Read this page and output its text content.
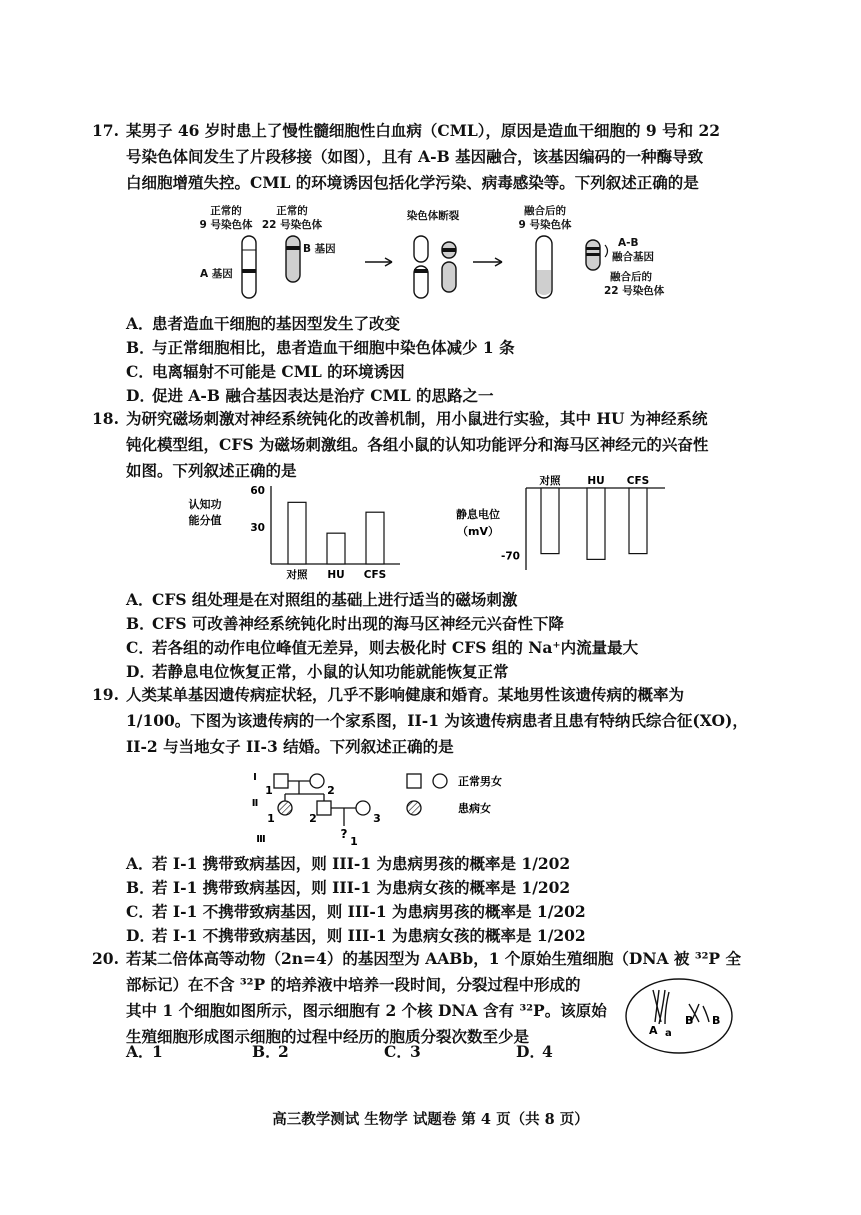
17. 某男子 46 岁时患上了慢性髓细胞性白血病（CML），原因是造血干细胞的 9 号和 22
号染色体间发生了片段移接（如图），且有 A-B 基因融合，该基因编码的一种酶导致
白细胞增殖失控。CML 的环境诱因包括化学污染、病毒感染等。下列叙述正确的是
正常的
9 号染色体
正常的
22 号染色体
B 基因
A 基因
染色体断裂	融合后的
9 号染色体
A-B
融合基因
融合后的
22 号染色体
A．患者造血干细胞的基因型发生了改变
B．与正常细胞相比，患者造血干细胞中染色体减少 1 条
C．电离辐射不可能是 CML 的环境诱因
D．促进 A-B 融合基因表达是治疗 CML 的思路之一
18. 为研究磁场刺激对神经系统钝化的改善机制，用小鼠进行实验，其中 HU 为神经系统
钝化模型组，CFS 为磁场刺激组。各组小鼠的认知功能评分和海马区神经元的兴奋性
如图。下列叙述正确的是
认知功
能分值
60
30
对照 HU CFS
静息电位
（mV）
-70
对照	HU CFS
A．CFS 组处理是在对照组的基础上进行适当的磁场刺激
B．CFS 可改善神经系统钝化时出现的海马区神经元兴奋性下降
C．若各组的动作电位峰值无差异，则去极化时 CFS 组的 Na⁺内流量最大
D．若静息电位恢复正常，小鼠的认知功能就能恢复正常
19. 人类某单基因遗传病症状轻，几乎不影响健康和婚育。某地男性该遗传病的概率为
1/100。下图为该遗传病的一个家系图，II-1 为该遗传病患者且患有特纳氏综合征(XO)，
II-2 与当地女子 II-3 结婚。下列叙述正确的是
Ⅰ
Ⅱ
Ⅲ
1	2
1	2	3
?
1
正常男女
患病女
A．若 I-1 携带致病基因，则 III-1 为患病男孩的概率是 1/202
B．若 I-1 携带致病基因，则 III-1 为患病女孩的概率是 1/202
C．若 I-1 不携带致病基因，则 III-1 为患病男孩的概率是 1/202
D．若 I-1 不携带致病基因，则 III-1 为患病女孩的概率是 1/202
20. 若某二倍体高等动物（2n=4）的基因型为 AABb，1 个原始生殖细胞（DNA 被 ³²P 全
部标记）在不含 ³²P 的培养液中培养一段时间，分裂过程中形成的
其中 1 个细胞如图所示，图示细胞有 2 个核 DNA 含有 ³²P。该原始
生殖细胞形成图示细胞的过程中经历的胞质分裂次数至少是	A a
B B
A．1	B．2	C．3	D．4
高三教学测试 生物学 试题卷 第 4 页（共 8 页）
